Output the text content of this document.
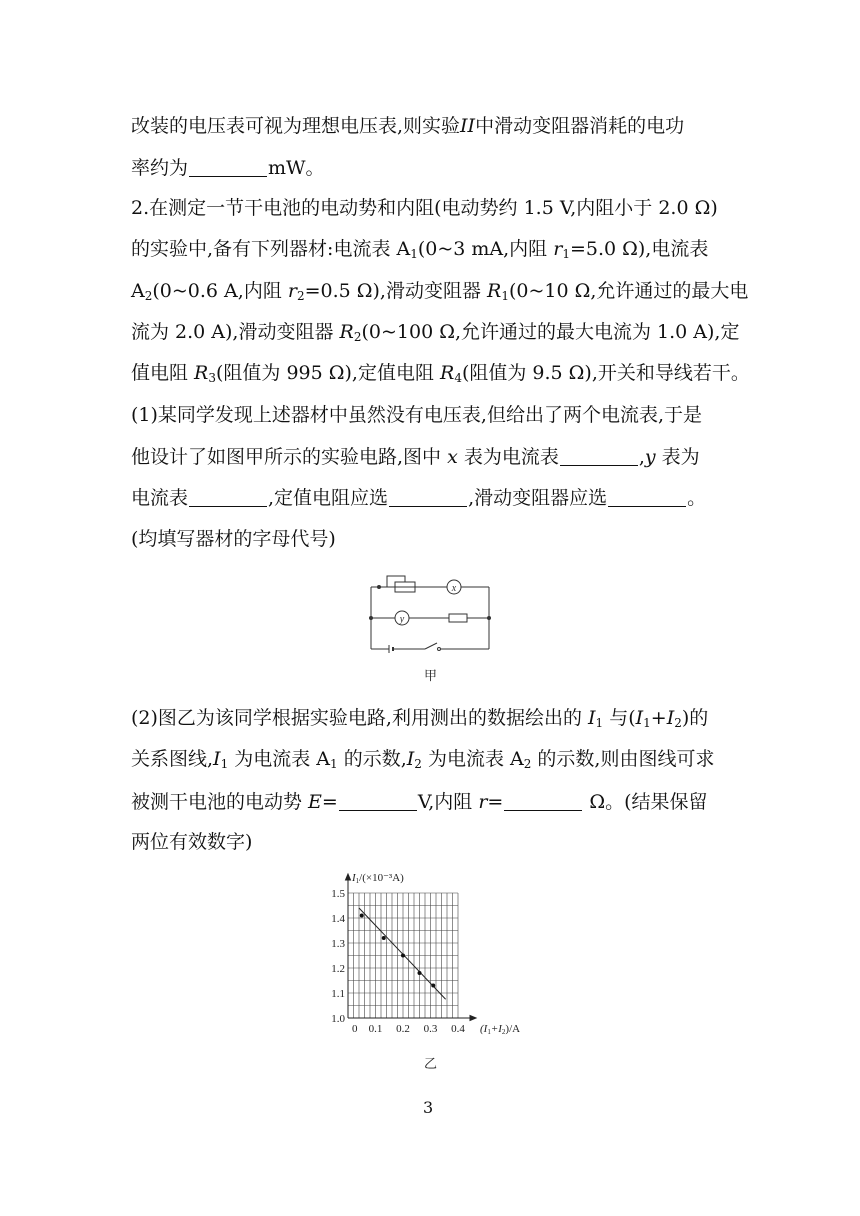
改装的电压表可视为理想电压表,则实验II中滑动变阻器消耗的电功
率约为	mW。
2.在测定一节干电池的电动势和内阻(电动势约 1.5 V,内阻小于 2.0 Ω)
的实验中,备有下列器材:电流表 $A_1(0\sim 3$ mA,内阻 $r_1=5.0$ Ω),电流表
$A_2(0\sim 0.6$ A,内阻 $r_2=0.5$ Ω),滑动变阻器 $R_1(0\sim 10$ Ω,允许通过的最大电
流为 2.0 A),滑动变阻器 $R_2(0\sim 100$ Ω,允许通过的最大电流为 1.0 A),定
值电阻 $R_3$(阻值为 995 Ω),定值电阻 $R_4$(阻值为 9.5 Ω),开关和导线若干。
(1)某同学发现上述器材中虽然没有电压表,但给出了两个电流表,于是
他设计了如图甲所示的实验电路,图中 x 表为电流表	,y 表为
电流表	,定值电阻应选	,滑动变阻器应选	。
(均填写器材的字母代号)
x
y
甲
(2)图乙为该同学根据实验电路,利用测出的数据绘出的 $I_1$ 与$(I_1+I_2)$的
关系图线$,I_1$ 为电流表 $A_1$ 的示数$,I_2$ 为电流表 $A_2$ 的示数,则由图线可求
被测干电池的电动势 E=	V,内阻 r=	Ω。(结果保留
两位有效数字)
1.0
1.1
1.2
1.3
1.4
1.5
0 0.1 0.2 0.3 0.4
I1/(×10⁻³A)
(I1+I2)/A
乙
3
